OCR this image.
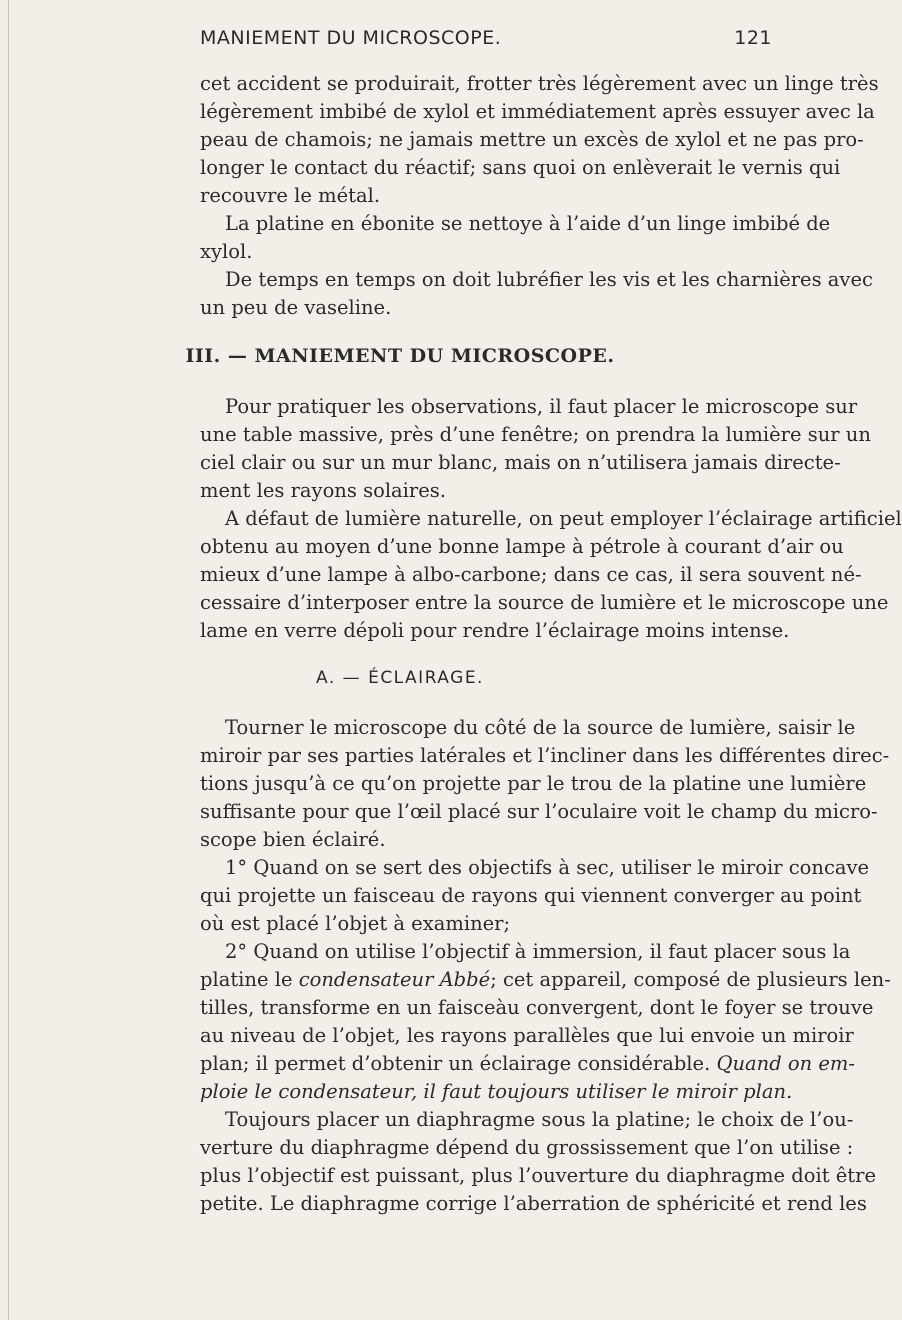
MANIEMENT DU MICROSCOPE.	121
cet accident se produirait, frotter très légèrement avec un linge très
légèrement imbibé de xylol et immédiatement après essuyer avec la
peau de chamois; ne jamais mettre un excès de xylol et ne pas pro-
longer le contact du réactif; sans quoi on enlèverait le vernis qui
recouvre le métal.
La platine en ébonite se nettoye à l’aide d’un linge imbibé de
xylol.
De temps en temps on doit lubréfier les vis et les charnières avec
un peu de vaseline.
III. — MANIEMENT DU MICROSCOPE.
Pour pratiquer les observations, il faut placer le microscope sur
une table massive, près d’une fenêtre; on prendra la lumière sur un
ciel clair ou sur un mur blanc, mais on n’utilisera jamais directe-
ment les rayons solaires.
A défaut de lumière naturelle, on peut employer l’éclairage artificiel
obtenu au moyen d’une bonne lampe à pétrole à courant d’air ou
mieux d’une lampe à albo-carbone; dans ce cas, il sera souvent né-
cessaire d’interposer entre la source de lumière et le microscope une
lame en verre dépoli pour rendre l’éclairage moins intense.
A. — ÉCLAIRAGE.
Tourner le microscope du côté de la source de lumière, saisir le
miroir par ses parties latérales et l’incliner dans les différentes direc-
tions jusqu’à ce qu’on projette par le trou de la platine une lumière
suffisante pour que l’œil placé sur l’oculaire voit le champ du micro-
scope bien éclairé.
1° Quand on se sert des objectifs à sec, utiliser le miroir concave
qui projette un faisceau de rayons qui viennent converger au point
où est placé l’objet à examiner;
2° Quand on utilise l’objectif à immersion, il faut placer sous la
platine le condensateur Abbé; cet appareil, composé de plusieurs len-
tilles, transforme en un faisceàu convergent, dont le foyer se trouve
au niveau de l’objet, les rayons parallèles que lui envoie un miroir
plan; il permet d’obtenir un éclairage considérable. Quand on em-
ploie le condensateur, il faut toujours utiliser le miroir plan.
Toujours placer un diaphragme sous la platine; le choix de l’ou-
verture du diaphragme dépend du grossissement que l’on utilise :
plus l’objectif est puissant, plus l’ouverture du diaphragme doit être
petite. Le diaphragme corrige l’aberration de sphéricité et rend les
